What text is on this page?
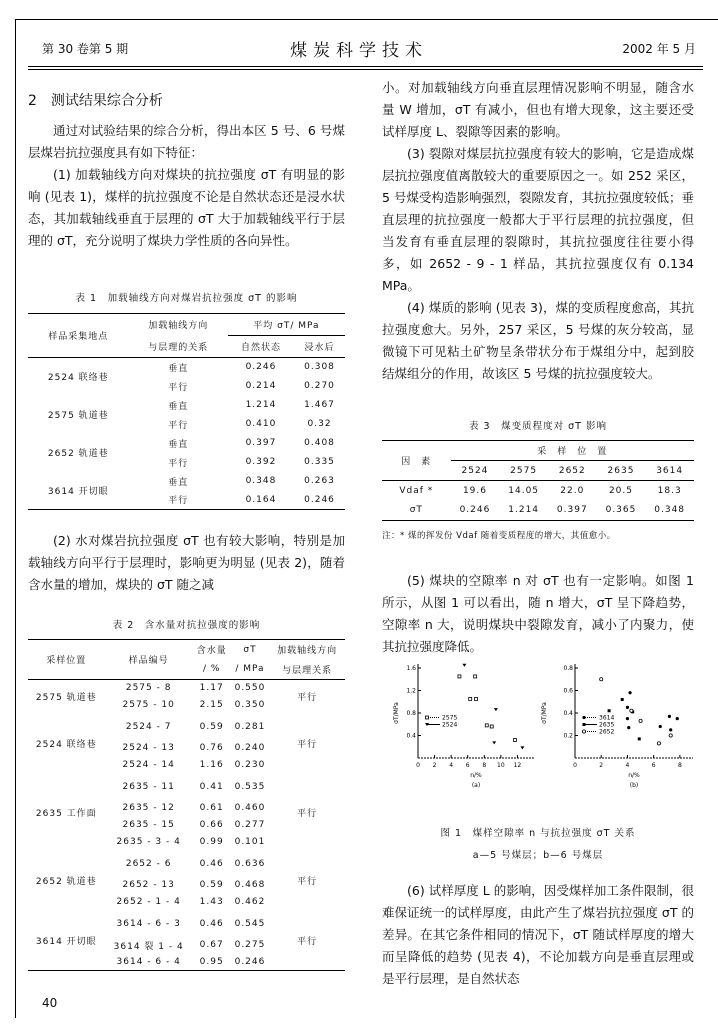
第 30 卷第 5 期	煤炭科学技术	2002 年 5 月
2　测试结果综合分析

通过对试验结果的综合分析，得出本区 5 号、6 号煤层煤岩抗拉强度具有如下特征：

(1) 加载轴线方向对煤块的抗拉强度 σT 有明显的影响 (见表 1)，煤样的抗拉强度不论是自然状态还是浸水状态，其加载轴线垂直于层理的 σT 大于加载轴线平行于层理的 σT，充分说明了煤块力学性质的各向异性。

表 1　加载轴线方向对煤岩抗拉强度 σT 的影响
样品采集地点	加载轴线方向	平均 σT/ MPa	
	与层理的关系	自然状态	浸水后
2524 联络巷	垂直	0.246	0.308
	平行	0.214	0.270
2575 轨道巷	垂直	1.214	1.467
	平行	0.410	0.32
2652 轨道巷	垂直	0.397	0.408
	平行	0.392	0.335
3614 开切眼	垂直	0.348	0.263
	平行	0.164	0.246

(2) 水对煤岩抗拉强度 σT 也有较大影响，特别是加载轴线方向平行于层理时，影响更为明显 (见表 2)，随着含水量的增加，煤块的 σT 随之减

表 2　含水量对抗拉强度的影响
采样位置	样品编号	含水量	σT	加载轴线方向
		/ %	/ MPa	与层理关系
2575 轨道巷	2575 - 8	1.17	0.550	平行
	2575 - 10	2.15	0.350	
2524 联络巷	2524 - 7	0.59	0.281	平行
	2524 - 13	0.76	0.240	
	2524 - 14	1.16	0.230	
2635 工作面	2635 - 11	0.41	0.535	平行
	2635 - 12	0.61	0.460	
	2635 - 15	0.66	0.277	
	2635 - 3 - 4	0.99	0.101	
2652 轨道巷	2652 - 6	0.46	0.636	平行
	2652 - 13	0.59	0.468	
	2652 - 1 - 4	1.43	0.462	
3614 开切眼	3614 - 6 - 3	0.46	0.545	平行
	3614 裂 1 - 4	0.67	0.275	
	3614 - 6 - 4	0.95	0.246	
40

小。对加载轴线方向垂直层理情况影响不明显，随含水量 W 增加，σT 有减小，但也有增大现象，这主要还受试样厚度 L、裂隙等因素的影响。

(3) 裂隙对煤层抗拉强度有较大的影响，它是造成煤层抗拉强度值离散较大的重要原因之一。如 252 采区，5 号煤受构造影响强烈，裂隙发育，其抗拉强度较低；垂直层理的抗拉强度一般都大于平行层理的抗拉强度，但当发育有垂直层理的裂隙时，其抗拉强度往往要小得多，如 2652 - 9 - 1 样品，其抗拉强度仅有 0.134 MPa。

(4) 煤质的影响 (见表 3)，煤的变质程度愈高，其抗拉强度愈大。另外，257 采区，5 号煤的灰分较高，显微镜下可见粘土矿物呈条带状分布于煤组分中，起到胶结煤组分的作用，故该区 5 号煤的抗拉强度较大。

表 3　煤变质程度对 σT 影响
因　素	采　样　位　置				
	2524	2575	2652	2635	3614
Vdaf *	19.6	14.05	22.0	20.5	18.3
σT	0.246	1.214	0.397	0.365	0.348
注：* 煤的挥发份 Vdaf 随着变质程度的增大，其值愈小。

(5) 煤块的空隙率 n 对 σT 也有一定影响。如图 1 所示，从图 1 可以看出，随 n 增大，σT 呈下降趋势，空隙率 n 大，说明煤块中裂隙发育，减小了内聚力，使其抗拉强度降低。

0 2 4 6 8 10 12
0.4
0.8
1.2
1.6
n/%
(a)
σT/MPa	2575
2524
0	2	4	6	8
0.2
0.4
0.6
0.8
n/%
(b)
σT/MPa	3614
2635
2652
图 1　煤样空隙率 n 与抗拉强度 σT 关系
a—5 号煤层；b—6 号煤层

(6) 试样厚度 L 的影响，因受煤样加工条件限制，很难保证统一的试样厚度，由此产生了煤岩抗拉强度 σT 的差异。在其它条件相同的情况下，σT 随试样厚度的增大而呈降低的趋势 (见表 4)，不论加载方向是垂直层理或是平行层理，是自然状态
